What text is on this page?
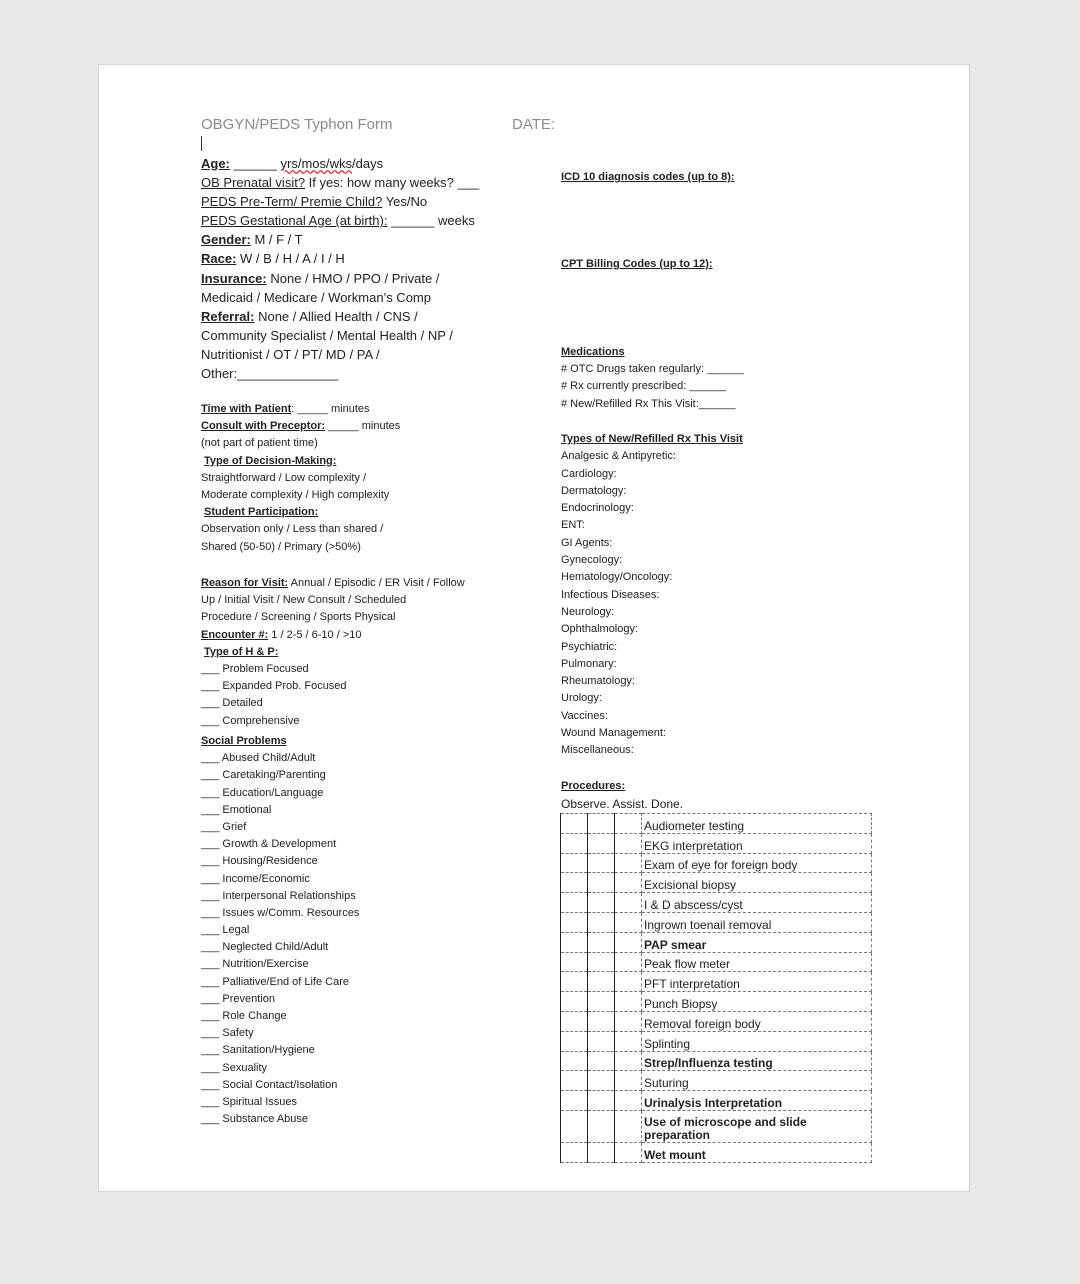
OBGYN/PEDS Typhon Form	DATE:
Age: ______ yrs/mos/wks/days
OB Prenatal visit? If yes: how many weeks? ___
PEDS Pre-Term/ Premie Child? Yes/No
PEDS Gestational Age (at birth): ______ weeks
Gender: M / F / T
Race: W / B / H / A / I / H
Insurance: None / HMO / PPO / Private /
Medicaid / Medicare / Workman’s Comp
Referral: None / Allied Health / CNS /
Community Specialist / Mental Health / NP /
Nutritionist / OT / PT/ MD / PA /
Other:______________
Time with Patient: _____ minutes
Consult with Preceptor: _____ minutes
(not part of patient time)
Type of Decision-Making:
Straightforward / Low complexity /
Moderate complexity / High complexity
Student Participation:
Observation only / Less than shared /
Shared (50-50) / Primary (>50%)
Reason for Visit: Annual / Episodic / ER Visit / Follow
Up / Initial Visit / New Consult / Scheduled
Procedure / Screening / Sports Physical
Encounter #: 1 / 2-5 / 6-10 / >10
Type of H & P:
___ Problem Focused
___ Expanded Prob. Focused
___ Detailed
___ Comprehensive
Social Problems
___ Abused Child/Adult
___ Caretaking/Parenting
___ Education/Language
___ Emotional
___ Grief
___ Growth & Development
___ Housing/Residence
___ Income/Economic
___ Interpersonal Relationships
___ Issues w/Comm. Resources
___ Legal
___ Neglected Child/Adult
___ Nutrition/Exercise
___ Palliative/End of Life Care
___ Prevention
___ Role Change
___ Safety
___ Sanitation/Hygiene
___ Sexuality
___ Social Contact/Isolation
___ Spiritual Issues
___ Substance Abuse
ICD 10 diagnosis codes (up to 8):
CPT Billing Codes (up to 12):
Medications
# OTC Drugs taken regularly: ______
# Rx currently prescribed: ______
# New/Refilled Rx This Visit:______
Types of New/Refilled Rx This Visit
Analgesic & Antipyretic:
Cardiology:
Dermatology:
Endocrinology:
ENT:
GI Agents:
Gynecology:
Hematology/Oncology:
Infectious Diseases:
Neurology:
Ophthalmology:
Psychiatric:
Pulmonary:
Rheumatology:
Urology:
Vaccines:
Wound Management:
Miscellaneous:
Procedures:
Observe. Assist. Done.
			Audiometer testing
			EKG interpretation
			Exam of eye for foreign body
			Excisional biopsy
			I & D abscess/cyst
			Ingrown toenail removal
			PAP smear
			Peak flow meter
			PFT interpretation
			Punch Biopsy
			Removal foreign body
			Splinting
			Strep/Influenza testing
			Suturing
			Urinalysis Interpretation
			Use of microscope and slide preparation
			Wet mount
